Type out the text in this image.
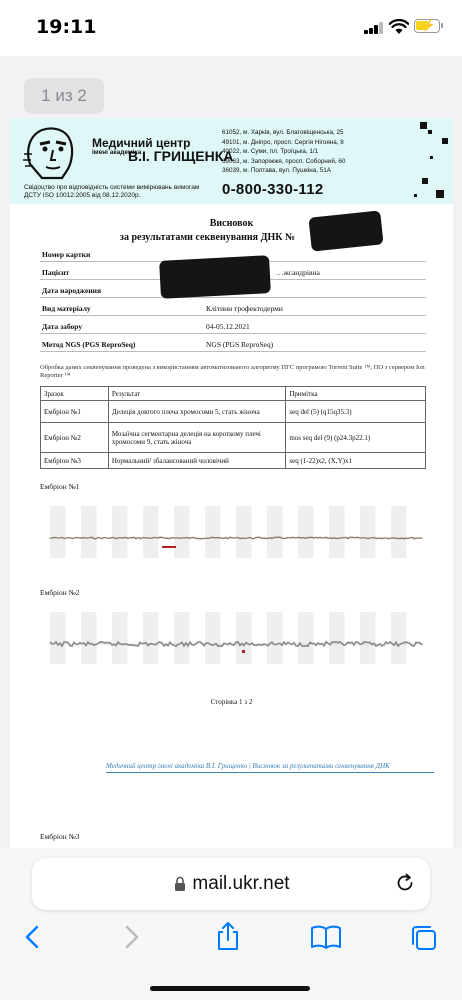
19:11	⚡
1 из 2
Медичний центр
імені академіка
В.І. ГРИЩЕНКА
Свідоцтво про відповідність системи вимірювань вимогам ДСТУ ISO 10012:2005 від 08.12.2020р.
61052, м. Харків, вул. Благовіщенська, 25
49101, м. Дніпро, просп. Сергія Нігояна, 8
40022, м. Суми, пл. Троїцька, 1/1
69063, м. Запоріжжя, просп. Соборний, 60
36039, м. Полтава, вул. Пушкіна, 51А
0-800-330-112
Висновок
за результатами секвенування ДНК №
Номер картки
Пацієнт	…жсандрівна
Дата народження
Вид матеріалу	Клітини трофектодерми
Дата забору	04-05.12.2021
Метод NGS (PGS ReproSeq)	NGS (PGS ReproSeq)
Обробка даних секвенування проведена з використанням автоматизованого алгоритму ПГС програмою Torrent Suite ™, ПО з сервером Ion Reporter ™
Зразок	Результат	Примітка
Ембріон №1	Делеція довгого плеча хромосоми 5, стать жіноча	seq del (5) (q15q35.3)
Ембріон №2	Мозаїчна сегментарна делеція на короткому плечі хромосоми 9, стать жіноча	mos seq del (9) (p24.3p22.1)
Ембріон №3	Нормальний/ збалансований чоловічий	seq (1-22)x2, (X,Y)x1
Ембріон №1
Ембріон №2
Сторінка 1 з 2
Медичний центр імені академіка В.І. Грищенко | Висновок за результатами секвенування ДНК
Ембріон №3
mail.ukr.net
